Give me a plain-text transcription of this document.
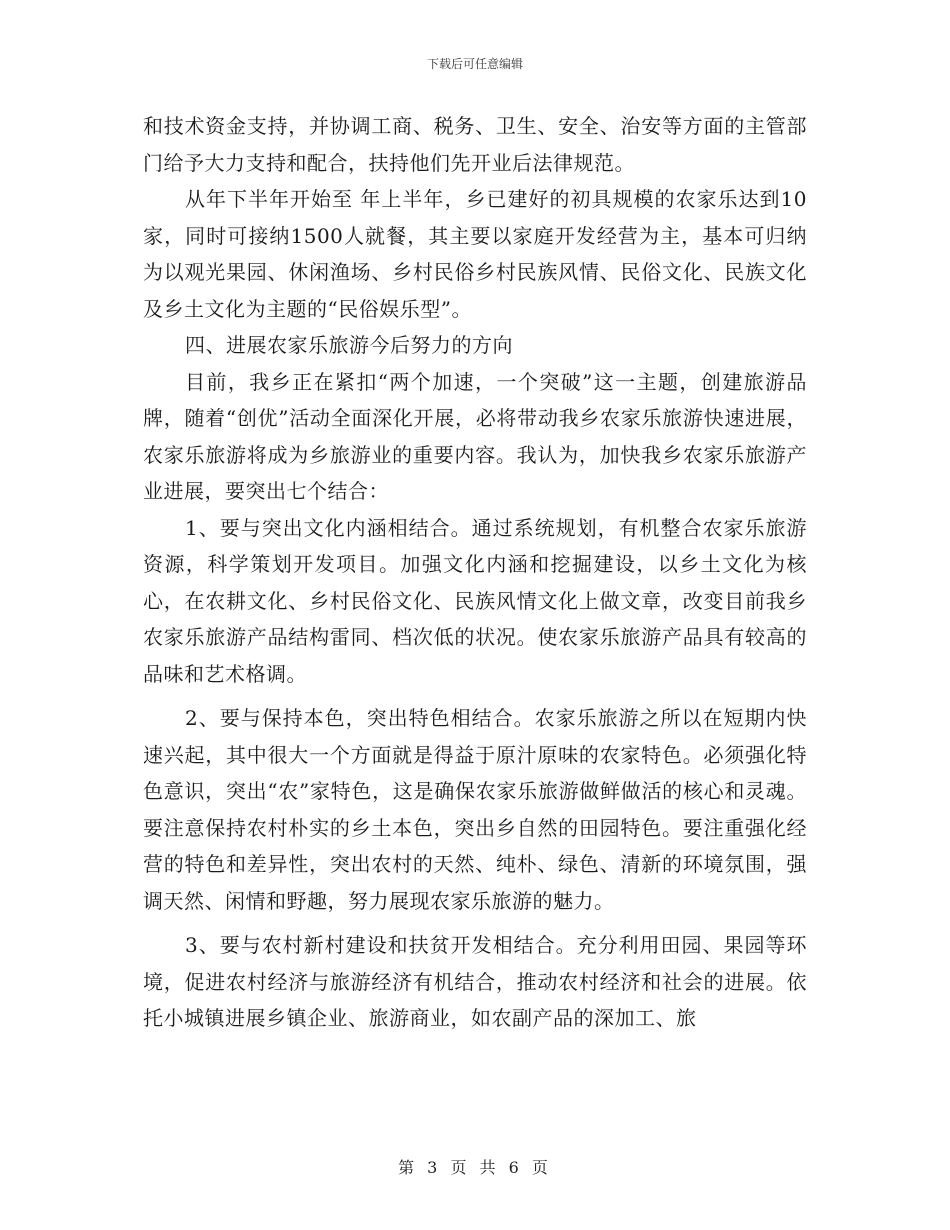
下载后可任意编辑

和技术资金支持，并协调工商、税务、卫生、安全、治安等方面的主管部门给予大力支持和配合，扶持他们先开业后法律规范。

从年下半年开始至 年上半年，乡已建好的初具规模的农家乐达到10家，同时可接纳1500人就餐，其主要以家庭开发经营为主，基本可归纳为以观光果园、休闲渔场、乡村民俗乡村民族风情、民俗文化、民族文化及乡土文化为主题的“民俗娱乐型”。

四、进展农家乐旅游今后努力的方向

目前，我乡正在紧扣“两个加速，一个突破”这一主题，创建旅游品牌，随着“创优”活动全面深化开展，必将带动我乡农家乐旅游快速进展，农家乐旅游将成为乡旅游业的重要内容。我认为，加快我乡农家乐旅游产业进展，要突出七个结合：

1、要与突出文化内涵相结合。通过系统规划，有机整合农家乐旅游资源，科学策划开发项目。加强文化内涵和挖掘建设，以乡土文化为核心，在农耕文化、乡村民俗文化、民族风情文化上做文章，改变目前我乡农家乐旅游产品结构雷同、档次低的状况。使农家乐旅游产品具有较高的品味和艺术格调。

2、要与保持本色，突出特色相结合。农家乐旅游之所以在短期内快速兴起，其中很大一个方面就是得益于原汁原味的农家特色。必须强化特色意识，突出“农”家特色，这是确保农家乐旅游做鲜做活的核心和灵魂。要注意保持农村朴实的乡土本色，突出乡自然的田园特色。要注重强化经营的特色和差异性，突出农村的天然、纯朴、绿色、清新的环境氛围，强调天然、闲情和野趣，努力展现农家乐旅游的魅力。

3、要与农村新村建设和扶贫开发相结合。充分利用田园、果园等环境，促进农村经济与旅游经济有机结合，推动农村经济和社会的进展。依托小城镇进展乡镇企业、旅游商业，如农副产品的深加工、旅

第 3 页 共 6 页
